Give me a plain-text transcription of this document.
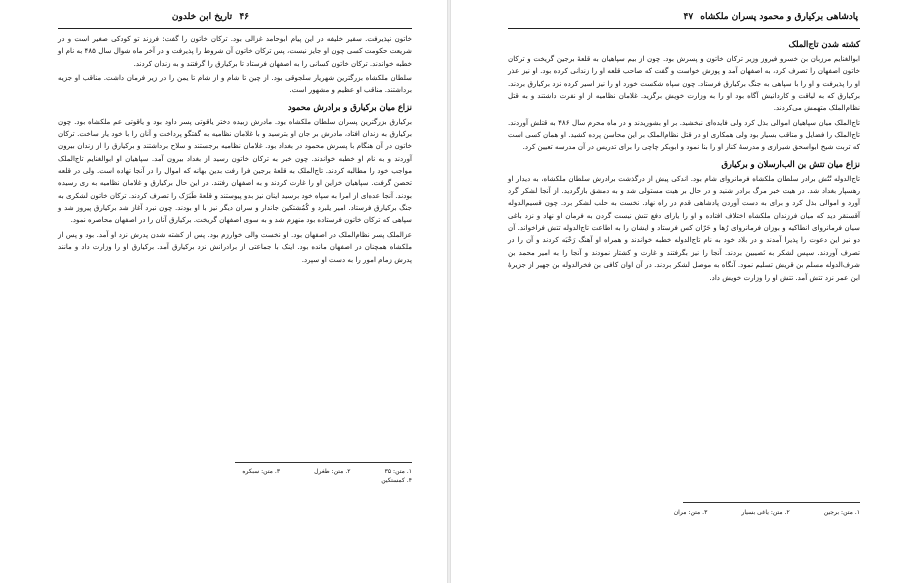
۴۶ تاریخ ابن خلدون

خاتون نپذیرفت. سفیر خلیفه در این پیام ابوحامد غزالی بود. ترکان خاتون را گفت: فرزند تو کودکی صغیر است و در شریعت حکومت کسی چون او جایز نیست، پس ترکان خاتون آن شروط را پذیرفت و در آخر ماه شوال سال ۴۸۵ به نام او خطبه خواندند. ترکان خاتون کسانی را به اصفهان فرستاد تا برکیارق را گرفتند و به زندان کردند.

سلطان ملکشاه بزرگترین شهریار سلجوقی بود. از چین تا شام و از شام تا یمن را در زیر فرمان داشت. مناقب او جزیه برداشتند. مناقب او عظیم و مشهور است.

نزاع میان برکیارق و برادرش محمود

برکیارق بزرگترین پسران سلطان ملکشاه بود. مادرش زبیده دختر یاقوتی پسر داود بود و یاقوتی عم ملکشاه بود. چون برکیارق به زندان افتاد، مادرش بر جان او بترسید و با غلامان نظامیه به گفتگو پرداخت و آنان را با خود یار ساخت. ترکان خاتون در آن هنگام با پسرش محمود در بغداد بود. غلامان نظامیه برجستند و سلاح برداشتند و برکیارق را از زندان بیرون آوردند و به نام او خطبه خواندند. چون خبر به ترکان خاتون رسید از بغداد بیرون آمد. سپاهیان او ابوالغنایم تاج‌الملک مواجب خود را مطالبه کردند. تاج‌الملک به قلعهٔ برجین فرا رفت بدین بهانه که اموال را در آنجا نهاده است. ولی در قلعه تحصن گرفت. سپاهیان خزاین او را غارت کردند و به اصفهان رفتند. در این حال برکیارق و غلامان نظامیه به ری رسیده بودند. آنجا عده‌ای از امرا به سپاه خود برسید اینان نیز بدو پیوستند و قلعهٔ طَبَرَک را تصرف کردند. ترکان خاتون لشکری به جنگ برکیارق فرستاد. امیر یلبرد و کُمُشتکین جاندار و سران دیگر نیز با او بودند. چون نبرد آغاز شد برکیارق پیروز شد و سپاهی که ترکان خاتون فرستاده بود منهزم شد و به سوی اصفهان گریخت. برکیارق آنان را در اصفهان محاصره نمود.

عزالملک پسر نظام‌الملک در اصفهان بود. او نخست والی خوارزم بود. پس از کشته شدن پدرش نزد او آمد. بود و پس از ملکشاه همچنان در اصفهان مانده بود. اینک با جماعتی از برادرانش نزد برکیارق آمد. برکیارق او را وزارت داد و مانند پدرش زمام امور را به دست او سپرد.

۱. متن: ۳۵۲. متن: طغرل۳. متن: سبکره
۴. کمستکین
پادشاهی برکیارق و محمود پسران ملکشاه ۴۷
کشته شدن تاج‌الملک

ابوالغنایم مرزبان بن خسرو فیروز وزیر ترکان خاتون و پسرش بود. چون از بیم سپاهیان به قلعهٔ برجین گریخت و ترکان خاتون اصفهان را تصرف کرد، به اصفهان آمد و پوزش خواست و گفت که صاحب قلعه او را زندانی کرده بود. او نیز عذر او را پذیرفت و او را با سپاهی به جنگ برکیارق فرستاد. چون سپاه شکست خورد او را نیز اسیر کرده نزد برکیارق بردند. برکیارق که به لیاقت و کاردانیش آگاه بود او را به وزارت خویش برگزید. غلامان نظامیه از او نفرت داشتند و به قتل نظام‌الملک متهمش می‌کردند.

تاج‌الملک میان سپاهیان اموالی بذل کرد ولی فایده‌ای نبخشید. بر او بشوریدند و در ماه محرم سال ۴۸۶ به قتلش آوردند. تاج‌الملک را فضایل و مناقب بسیار بود ولی همکاری او در قتل نظام‌الملک بر این محاسن پرده کشید. او همان کسی است که تربت شیخ ابواسحق شیرازی و مدرسهٔ کنار او را بنا نمود و ابوبکر چاچی را برای تدریس در آن مدرسه تعیین کرد.

نزاع میان تتش بن الب‌ارسلان و برکیارق

تاج‌الدوله تُتُش برادر سلطان ملکشاه فرمانروای شام بود. اندکی پیش از درگذشت برادرش سلطان ملکشاه، به دیدار او رهسپار بغداد شد. در هیت خبر مرگ برادر شنید و در حال بر هیت مستولی شد و به دمشق بازگردید. از آنجا لشکر گرد آورد و اموالی بذل کرد و برای به دست آوردن پادشاهی قدم در راه نهاد. نخست به حلب لشکر برد. چون قسیم‌الدوله آقسنقر دید که میان فرزندان ملکشاه اختلاف افتاده و او را یارای دفع تتش نیست گردن به فرمان او نهاد و نزد باغی سیان فرمانروای انطاکیه و بوزان فرمانروای رُها و حَرّان کس فرستاد و ایشان را به اطاعت تاج‌الدوله تتش فراخواند. آن دو نیز این دعوت را پذیرا آمدند و در بلاد خود به نام تاج‌الدوله خطبه خواندند و همراه او آهنگ رَحْبَه کردند و آن را در تصرف آوردند. سپس لشکر به نَصیبین بردند. آنجا را نیز بگرفتند و غارت و کشتار نمودند و آنجا را به امیر محمد بن شرف‌الدوله مسلم بن قریش تسلیم نمود. آنگاه به موصل لشکر بردند. در آن اوان کافی بن فخرالدوله بن جهیر از جزیرهٔ ابن عمر نزد تتش آمد. تتش او را وزارت خویش داد.

۱. متن: برجین۲. متن: یاغی بسیار۳. متن: مران
